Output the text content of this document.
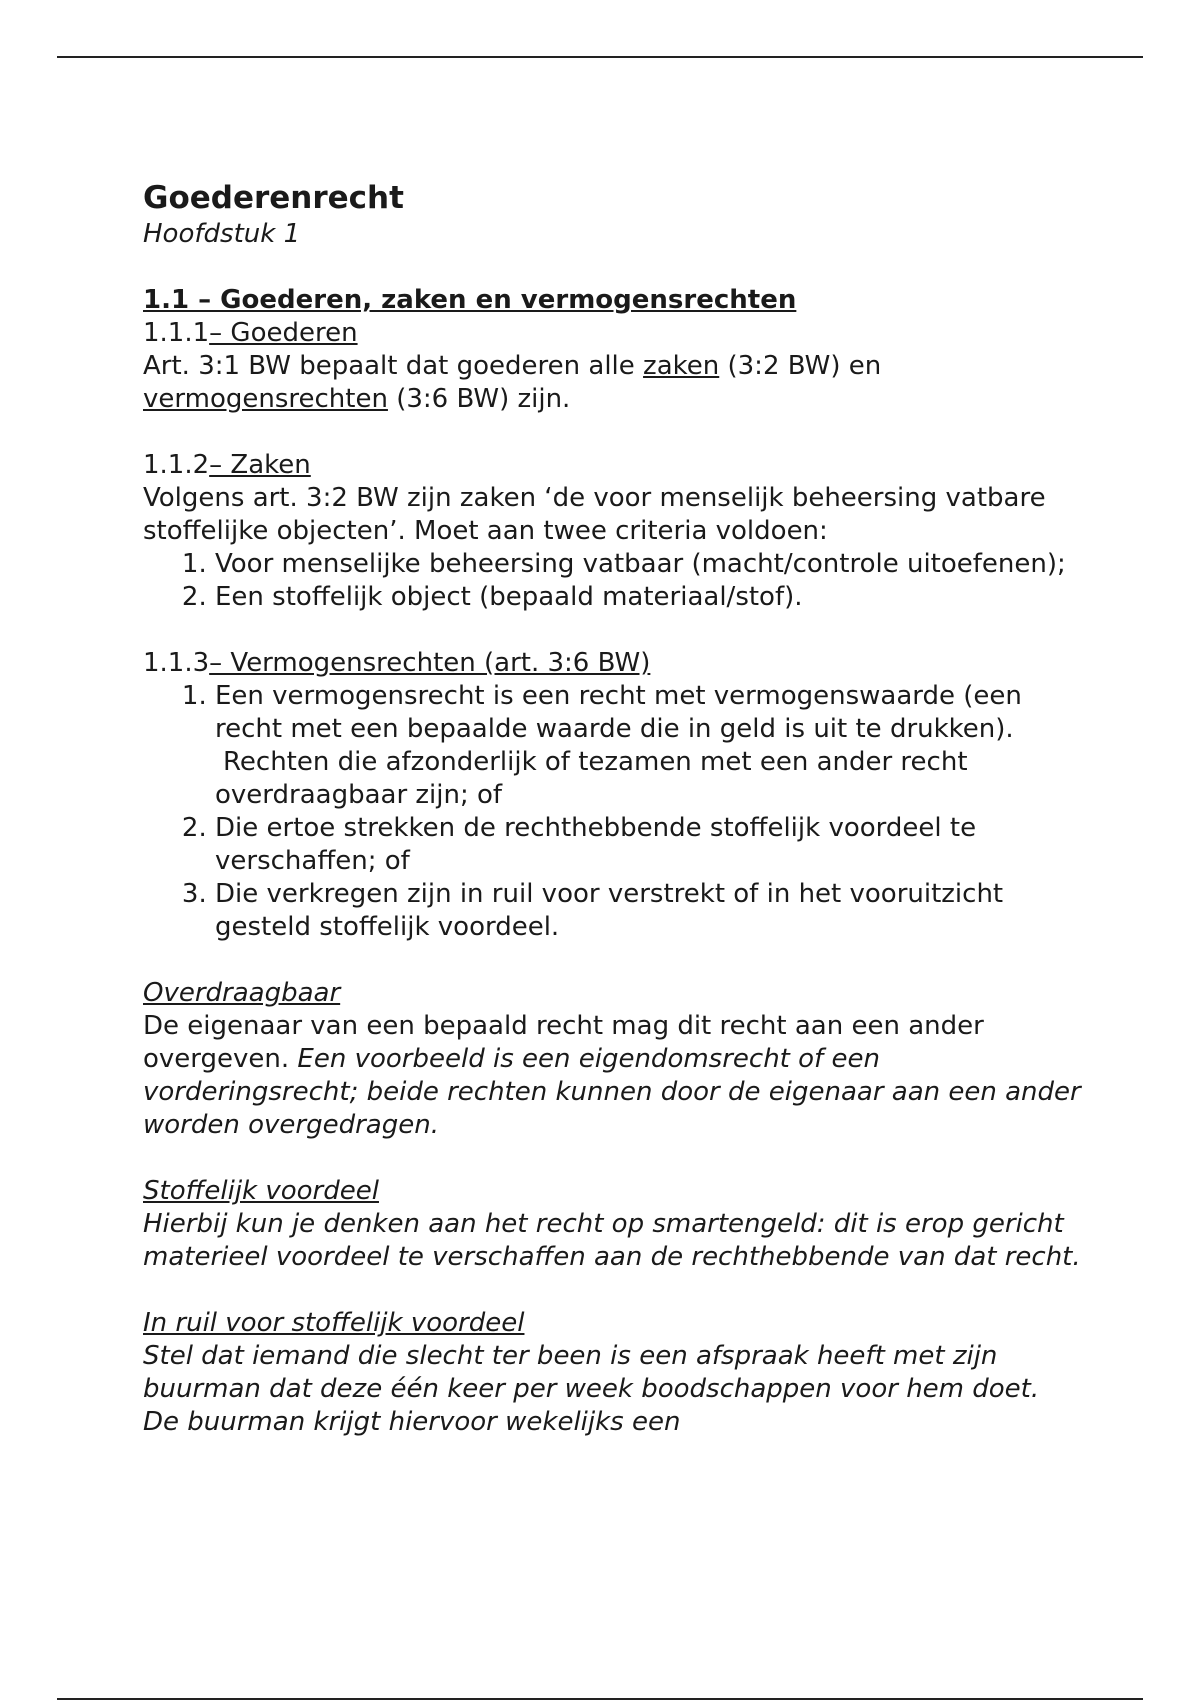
Goederenrecht
Hoofdstuk 1
1.1 – Goederen, zaken en vermogensrechten
1.1.1– Goederen
Art. 3:1 BW bepaalt dat goederen alle zaken (3:2 BW) en
vermogensrechten (3:6 BW) zijn.
1.1.2– Zaken
Volgens art. 3:2 BW zijn zaken ‘de voor menselijk beheersing vatbare stoffelijke objecten’. Moet aan twee criteria voldoen:
1. Voor menselijke beheersing vatbaar (macht/controle uitoefenen);
2. Een stoffelijk object (bepaald materiaal/stof).
1.1.3– Vermogensrechten (art. 3:6 BW)
1. Een vermogensrecht is een recht met vermogenswaarde (een recht met een bepaalde waarde die in geld is uit te drukken).
Rechten die afzonderlijk of tezamen met een ander recht overdraagbaar zijn; of
2. Die ertoe strekken de rechthebbende stoffelijk voordeel te verschaffen; of
3. Die verkregen zijn in ruil voor verstrekt of in het vooruitzicht gesteld stoffelijk voordeel.
Overdraagbaar
De eigenaar van een bepaald recht mag dit recht aan een ander overgeven. Een voorbeeld is een eigendomsrecht of een vorderingsrecht; beide rechten kunnen door de eigenaar aan een ander worden overgedragen.
Stoffelijk voordeel
Hierbij kun je denken aan het recht op smartengeld: dit is erop gericht materieel voordeel te verschaffen aan de rechthebbende van dat recht.
In ruil voor stoffelijk voordeel
Stel dat iemand die slecht ter been is een afspraak heeft met zijn buurman dat deze één keer per week boodschappen voor hem doet. De buurman krijgt hiervoor wekelijks een
